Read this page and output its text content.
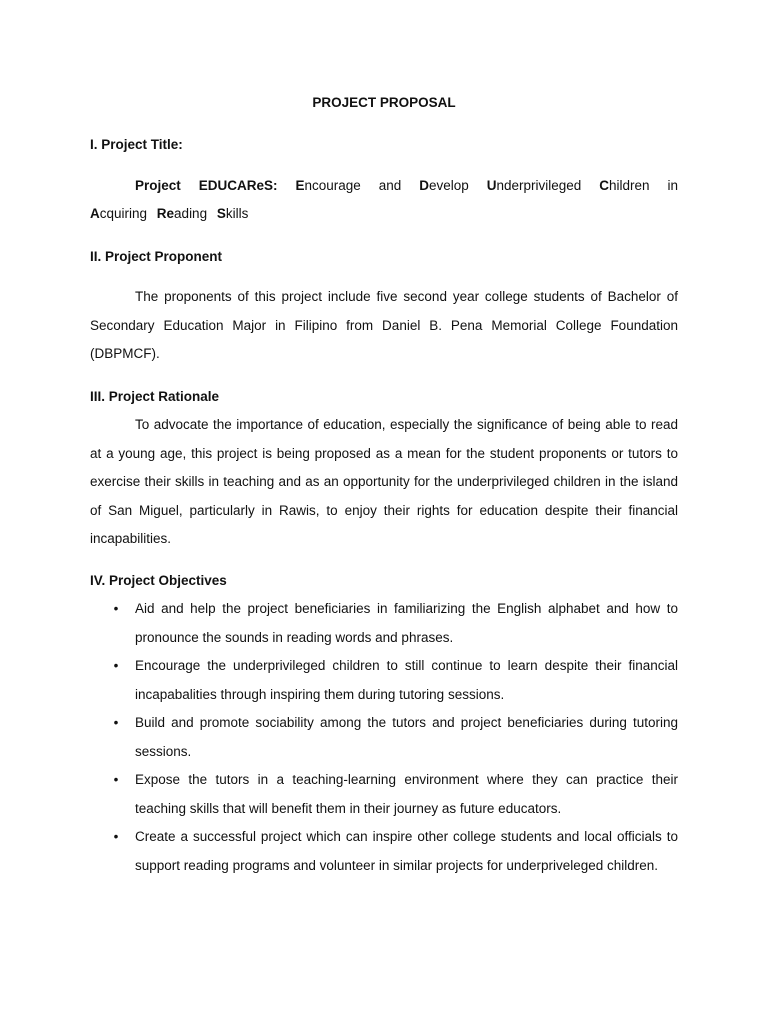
PROJECT PROPOSAL

I. Project Title:

Project EDUCAReS: Encourage and Develop Underprivileged Children in Acquiring Reading Skills

II. Project Proponent

The proponents of this project include five second year college students of Bachelor of Secondary Education Major in Filipino from Daniel B. Pena Memorial College Foundation (DBPMCF).

III. Project Rationale

To advocate the importance of education, especially the significance of being able to read at a young age, this project is being proposed as a mean for the student proponents or tutors to exercise their skills in teaching and as an opportunity for the underprivileged children in the island of San Miguel, particularly in Rawis, to enjoy their rights for education despite their financial incapabilities.

IV. Project Objectives

• Aid and help the project beneficiaries in familiarizing the English alphabet and how to pronounce the sounds in reading words and phrases.
• Encourage the underprivileged children to still continue to learn despite their financial incapabalities through inspiring them during tutoring sessions.
• Build and promote sociability among the tutors and project beneficiaries during tutoring sessions.
• Expose the tutors in a teaching-learning environment where they can practice their teaching skills that will benefit them in their journey as future educators.
• Create a successful project which can inspire other college students and local officials to support reading programs and volunteer in similar projects for underpriveleged children.
